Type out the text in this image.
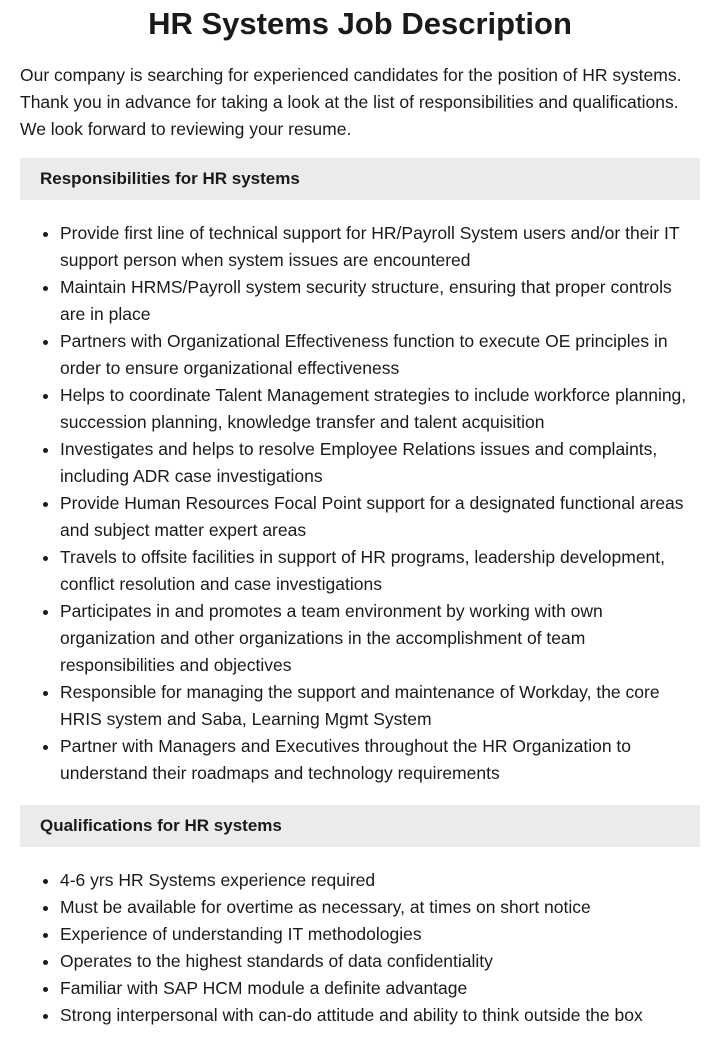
HR Systems Job Description

Our company is searching for experienced candidates for the position of HR systems. Thank you in advance for taking a look at the list of responsibilities and qualifications. We look forward to reviewing your resume.

Responsibilities for HR systems
• Provide first line of technical support for HR/Payroll System users and/or their IT support person when system issues are encountered
• Maintain HRMS/Payroll system security structure, ensuring that proper controls are in place
• Partners with Organizational Effectiveness function to execute OE principles in order to ensure organizational effectiveness
• Helps to coordinate Talent Management strategies to include workforce planning, succession planning, knowledge transfer and talent acquisition
• Investigates and helps to resolve Employee Relations issues and complaints, including ADR case investigations
• Provide Human Resources Focal Point support for a designated functional areas and subject matter expert areas
• Travels to offsite facilities in support of HR programs, leadership development, conflict resolution and case investigations
• Participates in and promotes a team environment by working with own organization and other organizations in the accomplishment of team responsibilities and objectives
• Responsible for managing the support and maintenance of Workday, the core HRIS system and Saba, Learning Mgmt System
• Partner with Managers and Executives throughout the HR Organization to understand their roadmaps and technology requirements
Qualifications for HR systems
• 4-6 yrs HR Systems experience required
• Must be available for overtime as necessary, at times on short notice
• Experience of understanding IT methodologies
• Operates to the highest standards of data confidentiality
• Familiar with SAP HCM module a definite advantage
• Strong interpersonal with can-do attitude and ability to think outside the box
